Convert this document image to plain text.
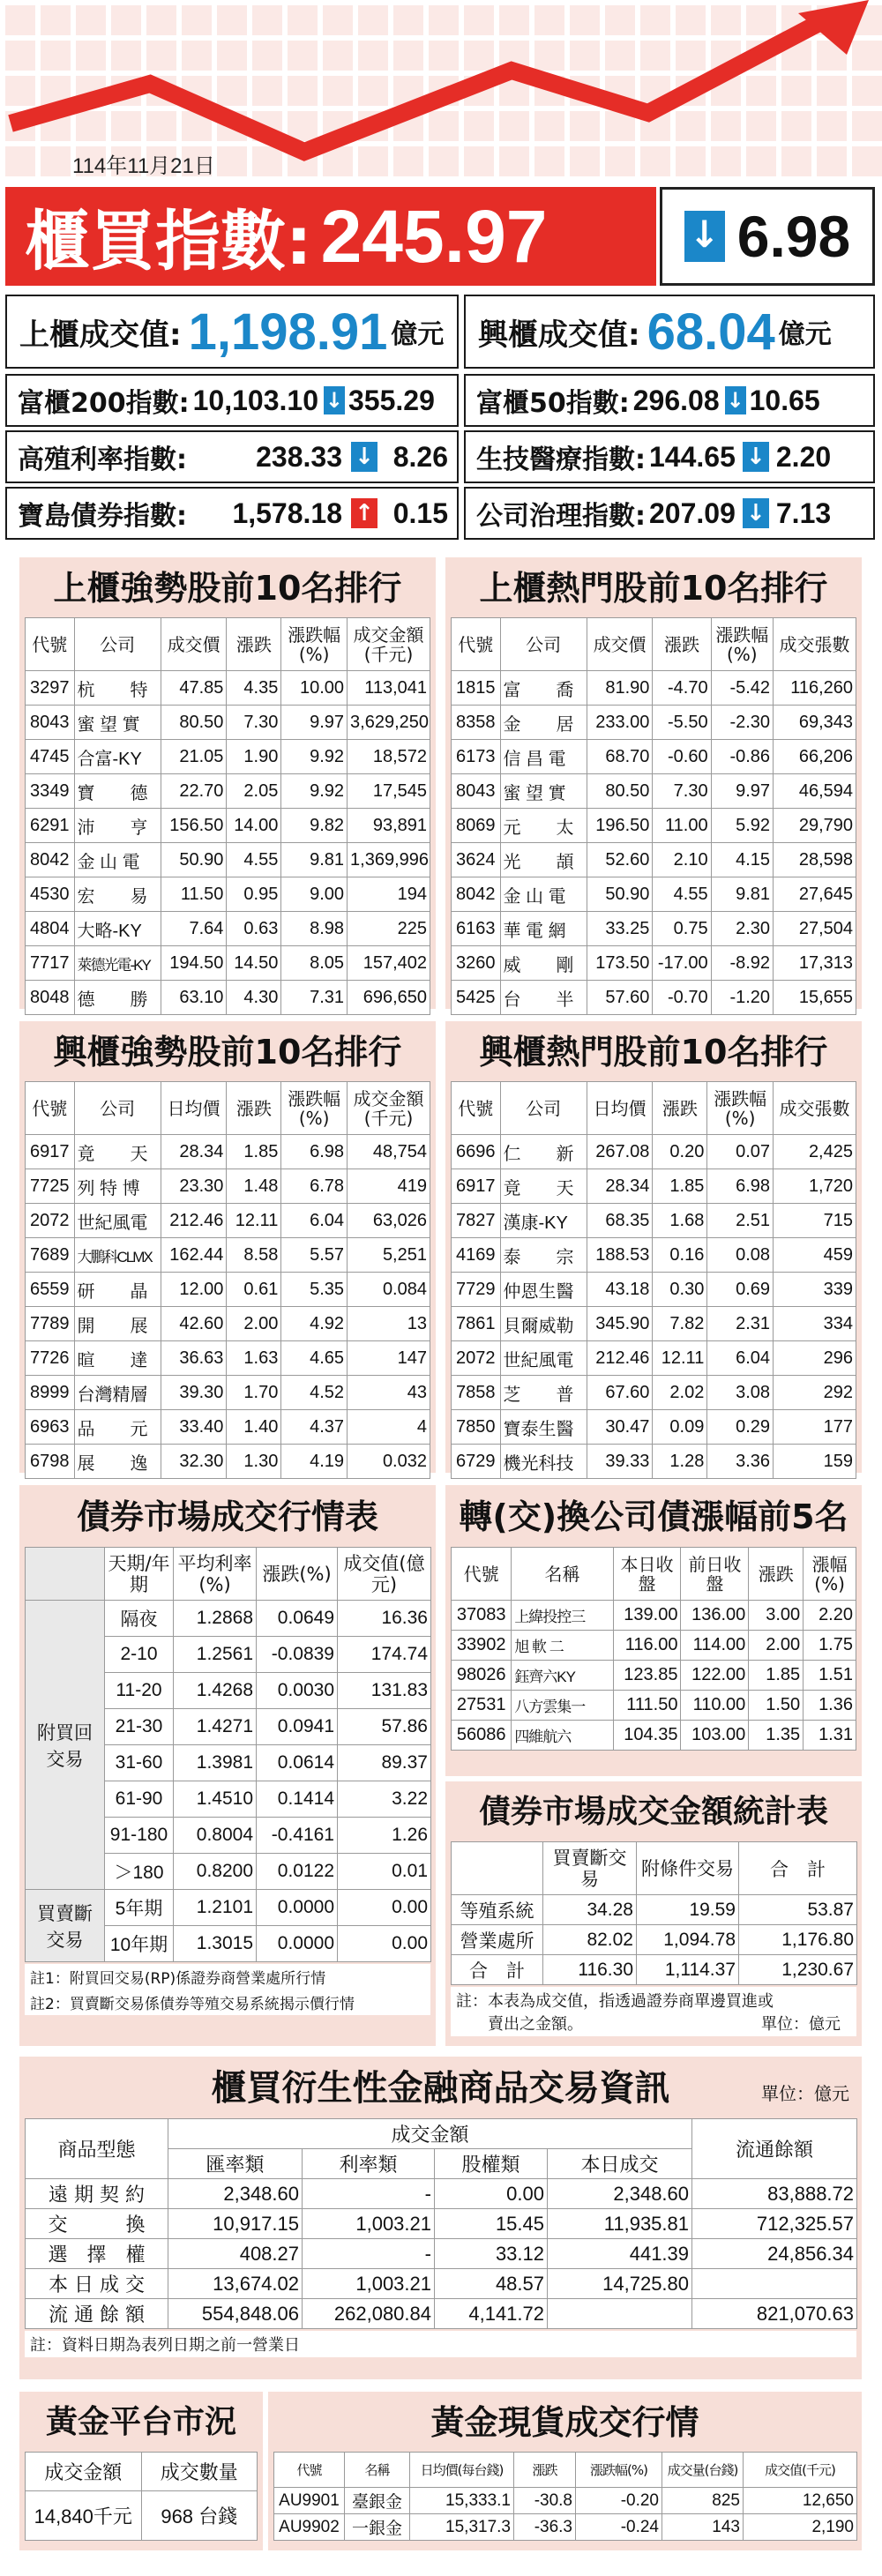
114年11月21日
櫃買指數: 245.97	↓ 6.98
上櫃成交值: 1,198.91 億元 興櫃成交值: 68.04 億元
富櫃200指數: 10,103.10 ↓ 355.29 富櫃50指數: 296.08 ↓ 10.65
高殖利率指數:	238.33 ↓ 8.26 生技醫療指數: 144.65 ↓ 2.20
寶島債券指數:	1,578.18 ↑ 0.15 公司治理指數: 207.09 ↓ 7.13
上櫃強勢股前10名排行
代號	公司	成交價	漲跌	漲跌幅(%)	成交金額(千元)
3297	杭　　特	47.85	4.35	10.00	113,041
8043	蜜 望 實	80.50	7.30	9.97	3,629,250
4745	合富-KY	21.05	1.90	9.92	18,572
3349	寶　　德	22.70	2.05	9.92	17,545
6291	沛　　亨	156.50	14.00	9.82	93,891
8042	金 山 電	50.90	4.55	9.81	1,369,996
4530	宏　　易	11.50	0.95	9.00	194
4804	大略-KY	7.64	0.63	8.98	225
7717	萊德光電-KY	194.50	14.50	8.05	157,402
8048	德　　勝	63.10	4.30	7.31	696,650
上櫃熱門股前10名排行
代號	公司	成交價	漲跌	漲跌幅(%)	成交張數
1815	富　　喬	81.90	-4.70	-5.42	116,260
8358	金　　居	233.00	-5.50	-2.30	69,343
6173	信 昌 電	68.70	-0.60	-0.86	66,206
8043	蜜 望 實	80.50	7.30	9.97	46,594
8069	元　　太	196.50	11.00	5.92	29,790
3624	光　　頡	52.60	2.10	4.15	28,598
8042	金 山 電	50.90	4.55	9.81	27,645
6163	華 電 網	33.25	0.75	2.30	27,504
3260	威　　剛	173.50	-17.00	-8.92	17,313
5425	台　　半	57.60	-0.70	-1.20	15,655
興櫃強勢股前10名排行
代號	公司	日均價	漲跌	漲跌幅(%)	成交金額(千元)
6917	竟　　天	28.34	1.85	6.98	48,754
7725	列 特 博	23.30	1.48	6.78	419
2072	世紀風電	212.46	12.11	6.04	63,026
7689	大鵬科CLMX	162.44	8.58	5.57	5,251
6559	研　　晶	12.00	0.61	5.35	0.084
7789	開　　展	42.60	2.00	4.92	13
7726	暄　　達	36.63	1.63	4.65	147
8999	台灣精層	39.30	1.70	4.52	43
6963	品　　元	33.40	1.40	4.37	4
6798	展　　逸	32.30	1.30	4.19	0.032
興櫃熱門股前10名排行
代號	公司	日均價	漲跌	漲跌幅(%)	成交張數
6696	仁　　新	267.08	0.20	0.07	2,425
6917	竟　　天	28.34	1.85	6.98	1,720
7827	漢康-KY	68.35	1.68	2.51	715
4169	泰　　宗	188.53	0.16	0.08	459
7729	仲恩生醫	43.18	0.30	0.69	339
7861	貝爾威勒	345.90	7.82	2.31	334
2072	世紀風電	212.46	12.11	6.04	296
7858	芝　　普	67.60	2.02	3.08	292
7850	寶泰生醫	30.47	0.09	0.29	177
6729	機光科技	39.33	1.28	3.36	159
債券市場成交行情表
	天期/年期	平均利率(%)	漲跌(%)	成交值(億元)
附買回交易	隔夜	1.2868	0.0649	16.36
	2-10	1.2561	-0.0839	174.74
	11-20	1.4268	0.0030	131.83
	21-30	1.4271	0.0941	57.86
	31-60	1.3981	0.0614	89.37
	61-90	1.4510	0.1414	3.22
	91-180	0.8004	-0.4161	1.26
	＞180	0.8200	0.0122	0.01
買賣斷交易	5年期	1.2101	0.0000	0.00
	10年期	1.3015	0.0000	0.00
註1：附買回交易(RP)係證券商營業處所行情
註2：買賣斷交易係債券等殖交易系統揭示價行情
轉(交)換公司債漲幅前5名
代號	名稱	本日收盤	前日收盤	漲跌	漲幅(%)
37083	上緯投控三	139.00	136.00	3.00	2.20
33902	旭 軟 二	116.00	114.00	2.00	1.75
98026	鈺齊六KY	123.85	122.00	1.85	1.51
27531	八方雲集一	111.50	110.00	1.50	1.36
56086	四維航六	104.35	103.00	1.35	1.31
債券市場成交金額統計表
	買賣斷交易	附條件交易	合　計
等殖系統	34.28	19.59	53.87
營業處所	82.02	1,094.78	1,176.80
合　計	116.30	1,114.37	1,230.67
註：本表為成交值，指透過證券商單邊買進或
賣出之金額。	單位：億元
櫃買衍生性金融商品交易資訊	單位：億元
商品型態	成交金額				流通餘額
	匯率類	利率類	股權類	本日成交	
遠 期 契 約	2,348.60	-	0.00	2,348.60	83,888.72
交　　　換	10,917.15	1,003.21	15.45	11,935.81	712,325.57
選　擇　權	408.27	-	33.12	441.39	24,856.34
本 日 成 交	13,674.02	1,003.21	48.57	14,725.80	
流 通 餘 額	554,848.06	262,080.84	4,141.72		821,070.63
註：資料日期為表列日期之前一營業日
黃金平台市況
成交金額	成交數量
14,840千元	968 台錢
黃金現貨成交行情
代號	名稱	日均價(每台錢)	漲跌	漲跌幅(%)	成交量(台錢)	成交值(千元)
AU9901	臺銀金	15,333.1	-30.8	-0.20	825	12,650
AU9902	一銀金	15,317.3	-36.3	-0.24	143	2,190
